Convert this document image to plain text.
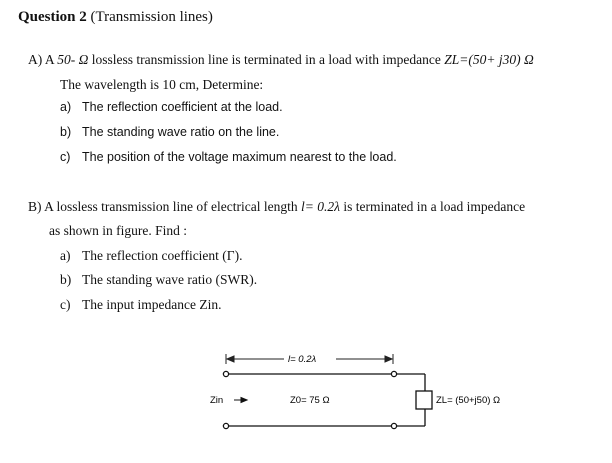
Question 2 (Transmission lines)
A) A 50- Ω lossless transmission line is terminated in a load with impedance ZL=(50+ j30) Ω
The wavelength is 10 cm, Determine:
a) The reflection coefficient at the load.
b) The standing wave ratio on the line.
c) The position of the voltage maximum nearest to the load.
B) A lossless transmission line of electrical length l= 0.2λ is terminated in a load impedance
as shown in figure. Find :
a) The reflection coefficient (Γ).
b) The standing wave ratio (SWR).
c) The input impedance Zin.
l= 0.2λ
Zin	Z0= 75 Ω	ZL= (50+j50) Ω
